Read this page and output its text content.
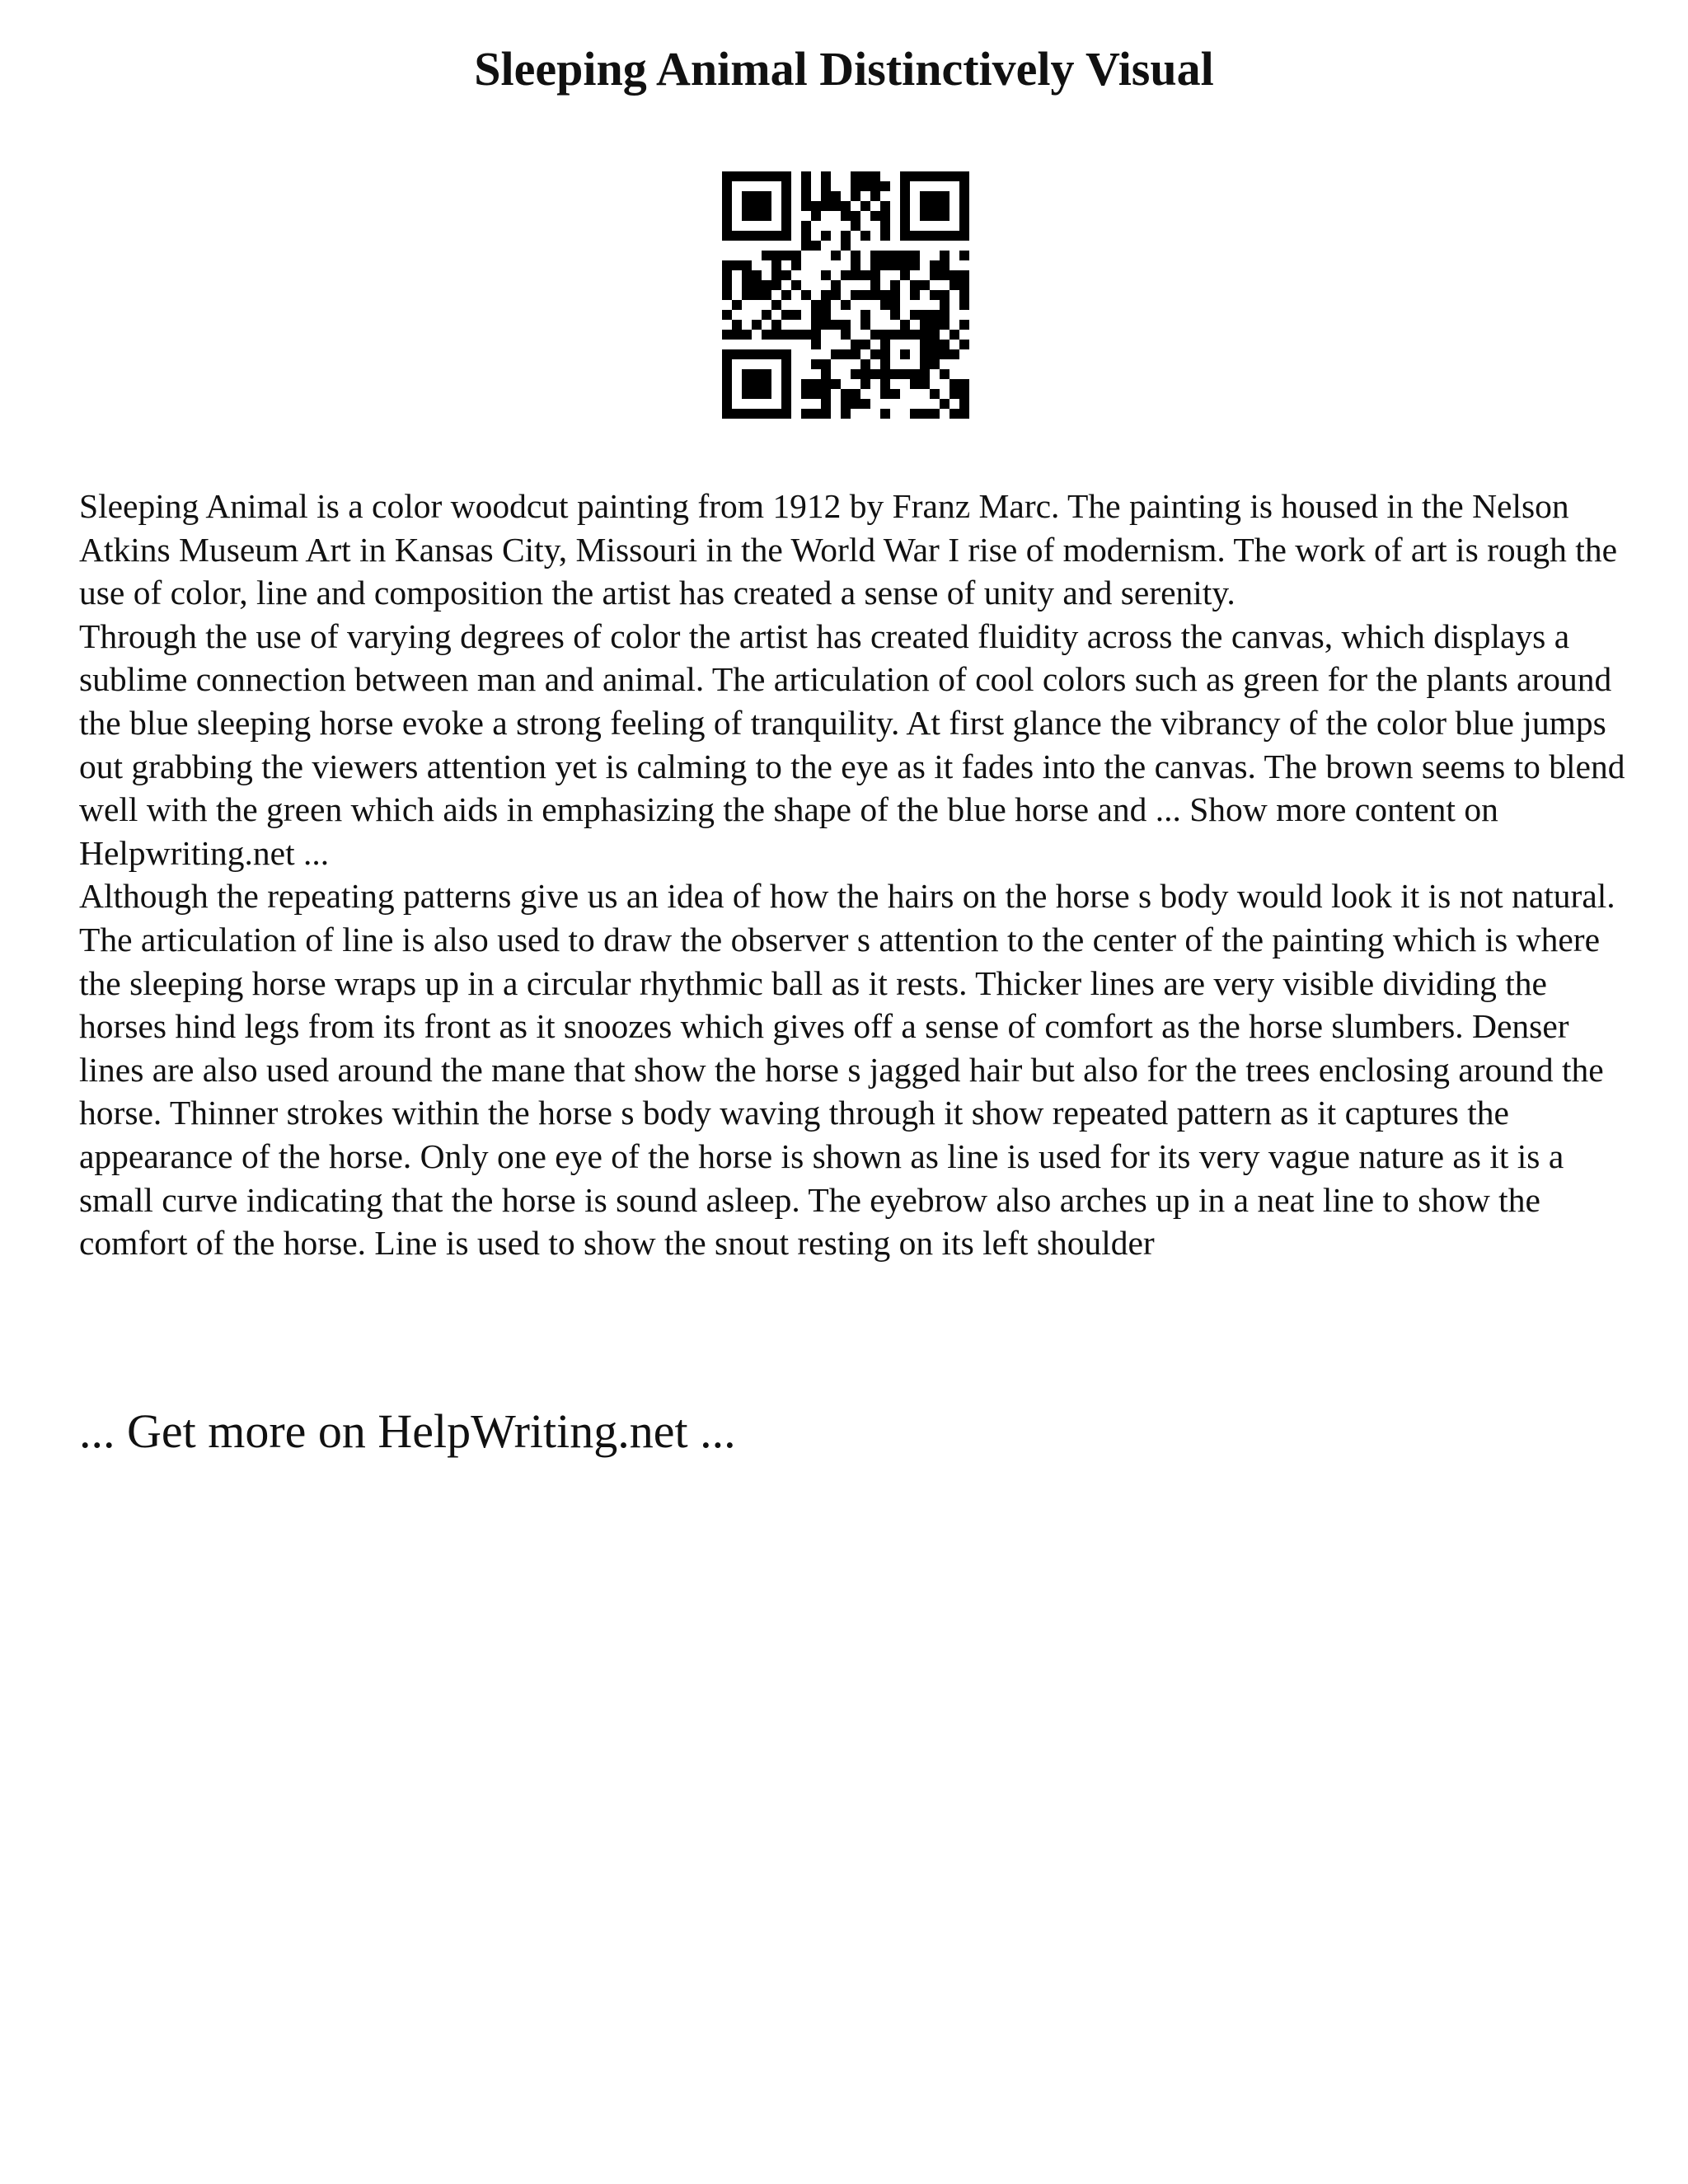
Sleeping Animal Distinctively Visual

Sleeping Animal is a color woodcut painting from 1912 by Franz Marc. The painting is housed in the Nelson Atkins Museum Art in Kansas City, Missouri in the World War I rise of modernism. The work of art is rough the use of color, line and composition the artist has created a sense of unity and serenity.

Through the use of varying degrees of color the artist has created fluidity across the canvas, which displays a sublime connection between man and animal. The articulation of cool colors such as green for the plants around the blue sleeping horse evoke a strong feeling of tranquility. At first glance the vibrancy of the color blue jumps out grabbing the viewers attention yet is calming to the eye as it fades into the canvas. The brown seems to blend well with the green which aids in emphasizing the shape of the blue horse and ... Show more content on Helpwriting.net ...

Although the repeating patterns give us an idea of how the hairs on the horse s body would look it is not natural. The articulation of line is also used to draw the observer s attention to the center of the painting which is where the sleeping horse wraps up in a circular rhythmic ball as it rests. Thicker lines are very visible dividing the horses hind legs from its front as it snoozes which gives off a sense of comfort as the horse slumbers. Denser lines are also used around the mane that show the horse s jagged hair but also for the trees enclosing around the horse. Thinner strokes within the horse s body waving through it show repeated pattern as it captures the appearance of the horse. Only one eye of the horse is shown as line is used for its very vague nature as it is a small curve indicating that the horse is sound asleep. The eyebrow also arches up in a neat line to show the comfort of the horse. Line is used to show the snout resting on its left shoulder

... Get more on HelpWriting.net ...
